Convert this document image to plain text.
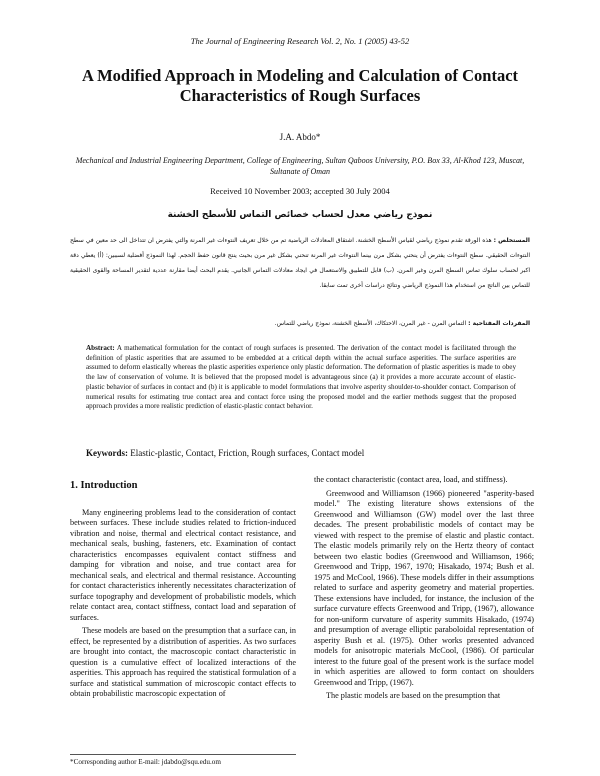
The Journal of Engineering Research Vol. 2, No. 1 (2005) 43-52
A Modified Approach in Modeling and Calculation of Contact Characteristics of Rough Surfaces
J.A. Abdo*
Mechanical and Industrial Engineering Department, College of Engineering, Sultan Qaboos University, P.O. Box 33, Al-Khod 123, Muscat, Sultanate of Oman
Received 10 November 2003; accepted 30 July 2004
نموذج رياضي معدل لحساب خصائص التماس للأسطح الخشنة
المستخلص : هذه الورقة تقدم نموذج رياضي لقياس الأسطح الخشنة. اشتقاق المعادلات الرياضية تم من خلال تعريف النتوءات غير المرنة والتي يفترض ان تتداخل الى حد معين في سطح النتوءات الحقيقي. سطح النتوءات يفترض أن ينحني بشكل مرن بينما النتوءات غير المرنة تنحني بشكل غير مرن بحيث ينتج قانون حفظ الحجم. لهذا النموذج أفضلية لسببين: (أ) يعطي دقة اكبر لحساب سلوك تماس السطح المرن وغير المرن. (ب) قابل للتطبيق والاستعمال في ايجاد معادلات التماس الجانبي. يقدم البحث أيضا مقارنة عددية لتقدير المساحة والقوى الحقيقية للتماس بين الناتج من استخدام هذا النموذج الرياضي ونتائج دراسات أخرى تمت سابقا.
المفردات المفتاحية : التماس المرن - غير المرن، الاحتكاك، الأسطح الخشنة، نموذج رياضي للتماس.
Abstract: A mathematical formulation for the contact of rough surfaces is presented. The derivation of the contact model is facilitated through the definition of plastic asperities that are assumed to be embedded at a critical depth within the actual surface asperities. The surface asperities are assumed to deform elastically whereas the plastic asperities experience only plastic deformation. The deformation of plastic asperities is made to obey the law of conservation of volume. It is believed that the proposed model is advantageous since (a) it provides a more accurate account of elastic-plastic behavior of surfaces in contact and (b) it is applicable to model formulations that involve asperity shoulder-to-shoulder contact. Comparison of numerical results for estimating true contact area and contact force using the proposed model and the earlier methods suggest that the proposed approach provides a more realistic prediction of elastic-plastic contact behavior.
Keywords: Elastic-plastic, Contact, Friction, Rough surfaces, Contact model
1. Introduction

Many engineering problems lead to the consideration of contact between surfaces. These include studies related to friction-induced vibration and noise, thermal and electrical contact resistance, and mechanical seals, bushing, fasteners, etc. Examination of contact characteristics encompasses equivalent contact stiffness and damping for vibration and noise, and true contact area for mechanical seals, and electrical and thermal resistance. Accounting for contact characteristics inherently necessitates characterization of surface topography and development of probabilistic models, which relate contact area, contact stiffness, contact load and separation of surfaces.

These models are based on the presumption that a surface can, in effect, be represented by a distribution of asperities. As two surfaces are brought into contact, the macroscopic contact characteristic in question is a cumulative effect of localized interactions of the asperities. This approach has required the statistical formulation of a surface and statistical summation of microscopic contact effects to obtain probabilistic macroscopic expectation of

the contact characteristic (contact area, load, and stiffness).

Greenwood and Williamson (1966) pioneered "asperity-based model." The existing literature shows extensions of the Greenwood and Williamson (GW) model over the last three decades. The present probabilistic models of contact may be viewed with respect to the premise of elastic and plastic contact. The elastic models primarily rely on the Hertz theory of contact between two elastic bodies (Greenwood and Williamson, 1966; Greenwood and Tripp, 1967, 1970; Hisakado, 1974; Bush et al. 1975 and McCool, 1966). These models differ in their assumptions related to surface and asperity geometry and material properties. These extensions have included, for instance, the inclusion of the surface curvature effects Greenwood and Tripp, (1967), allowance for non-uniform curvature of asperity summits Hisakado, (1974) and presumption of average elliptic paraboloidal representation of asperity Bush et al. (1975). Other works presented advanced models for anisotropic materials McCool, (1986). Of particular interest to the future goal of the present work is the surface model in which asperities are allowed to form contact on shoulders Greenwood and Tripp, (1967).

The plastic models are based on the presumption that

*Corresponding author E-mail: jdabdo@squ.edu.om
